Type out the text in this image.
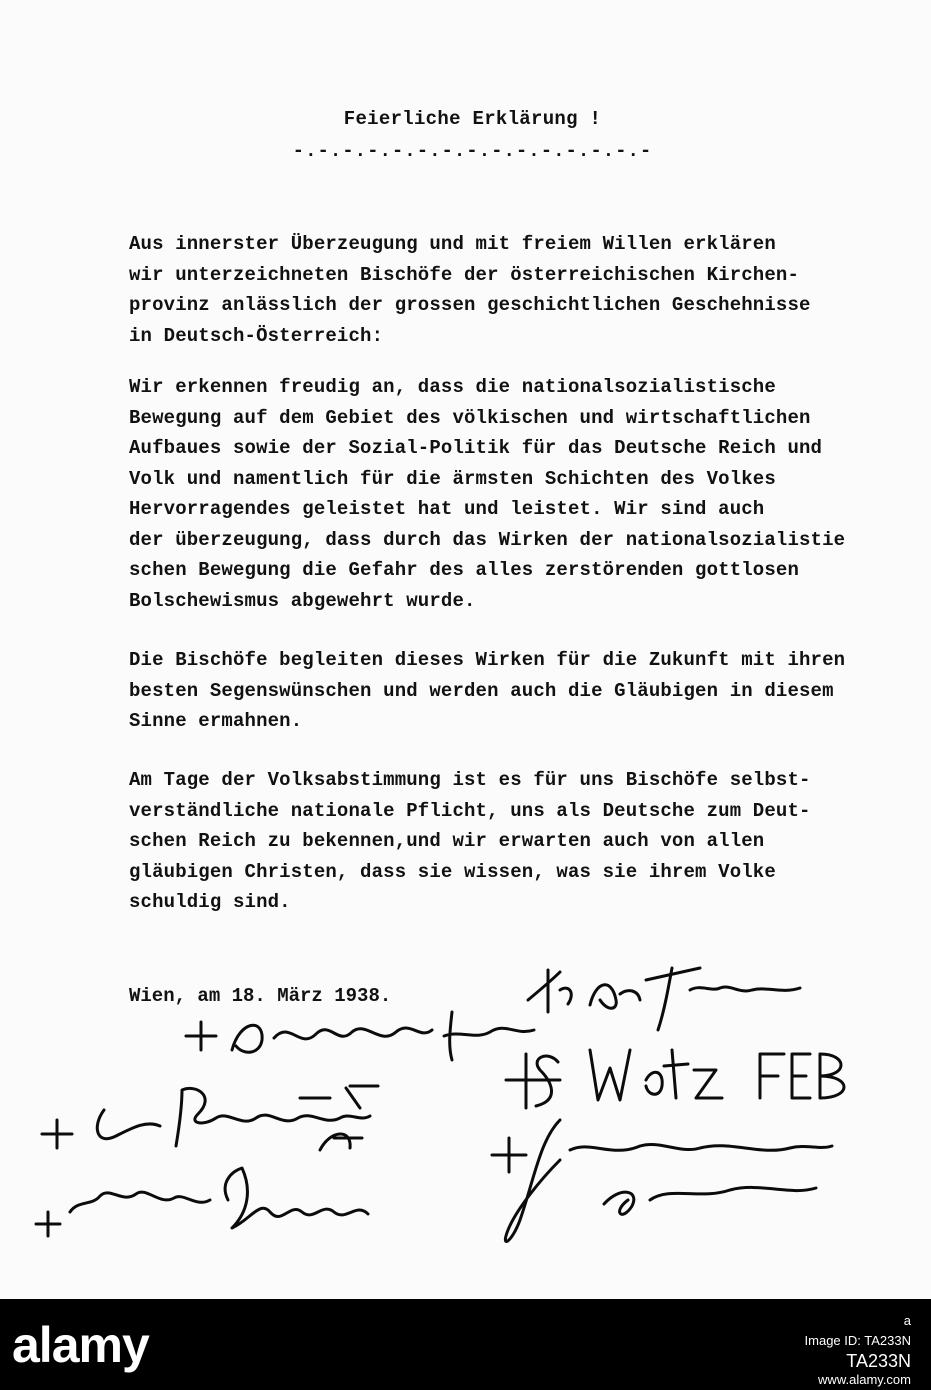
Feierliche Erklärung !
-.-.-.-.-.-.-.-.-.-.-.-.-.-.-
Aus innerster Überzeugung und mit freiem Willen erklären
wir unterzeichneten Bischöfe der österreichischen Kirchen-
provinz anlässlich der grossen geschichtlichen Geschehnisse
in Deutsch-Österreich:
Wir erkennen freudig an, dass die nationalsozialistische
Bewegung auf dem Gebiet des völkischen und wirtschaftlichen
Aufbaues sowie der Sozial-Politik für das Deutsche Reich und
Volk und namentlich für die ärmsten Schichten des Volkes
Hervorragendes geleistet hat und leistet. Wir sind auch
der überzeugung, dass durch das Wirken der nationalsozialistie
schen Bewegung die Gefahr des alles zerstörenden gottlosen
Bolschewismus abgewehrt wurde.
Die Bischöfe begleiten dieses Wirken für die Zukunft mit ihren
besten Segenswünschen und werden auch die Gläubigen in diesem
Sinne ermahnen.
Am Tage der Volksabstimmung ist es für uns Bischöfe selbst-
verständliche nationale Pflicht, uns als Deutsche zum Deut-
schen Reich zu bekennen,und wir erwarten auch von allen
gläubigen Christen, dass sie wissen, was sie ihrem Volke
schuldig sind.
Wien, am 18. März 1938.
alamy	a
Image ID: TA233N
TA233N
www.alamy.com
